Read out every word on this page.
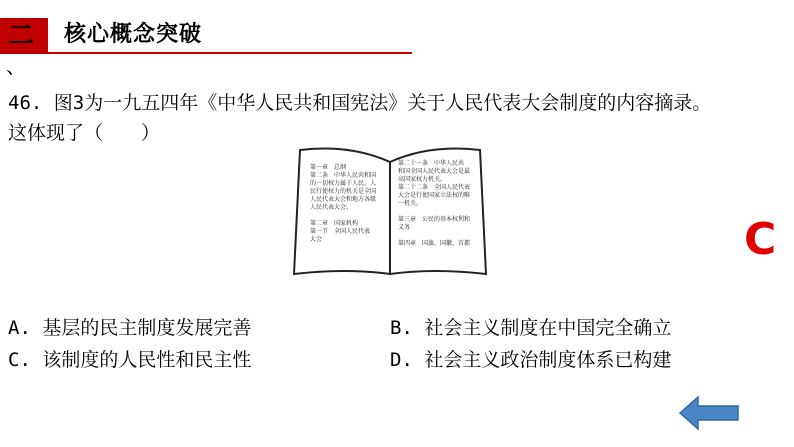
二
、
核心概念突破
46. 图3为一九五四年《中华人民共和国宪法》关于人民代表大会制度的内容摘录。
这体现了（　　）
第一章　总纲
第二条　中华人民共和国
的一切权力属于人民。人
民行使权力的机关是全国
人民代表大会和地方各级
人民代表大会。

第二章　国家机构
第一节　全国人民代表
大会
第二十一条　中华人民共
和国全国人民代表大会是最
高国家权力机关。
第二十二条　全国人民代表
大会是行使国家立法权的唯
一机关。

第三章　公民的基本权利和
义务

第四章　国旗、国徽、首都	C
A. 基层的民主制度发展完善	B. 社会主义制度在中国完全确立
C. 该制度的人民性和民主性	D. 社会主义政治制度体系已构建
